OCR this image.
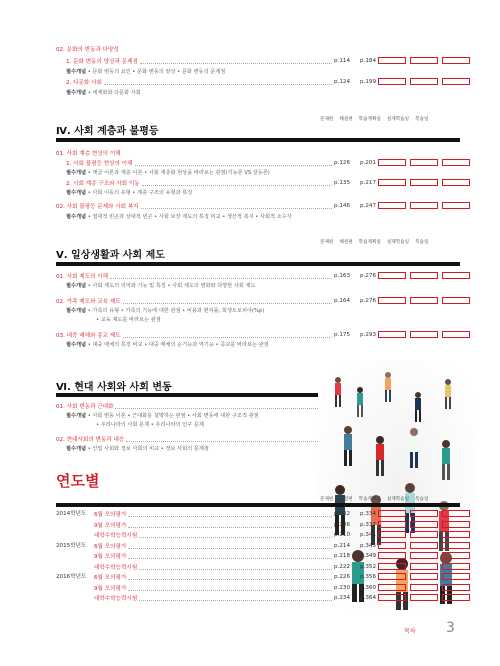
02. 문화의 변동과 다양성
1. 문화 변동의 양상과 문제점	p.114	p.184
필수개념 • 문화 변동의 요인 • 문화 변동의 양상 • 문화 변동의 문제점
2. 다문화 사회	p.124	p.199
필수개념 • 세계화와 다문화 사회
문제편 해설편 학습계획일 실제학습일 복습일
Ⅳ. 사회 계층과 불평등
01. 사회 계층 현상의 이해
1. 사회 불평등 현상의 이해	p.126	p.201
필수개념 • 계급 이론과 계층 이론 • 사회 계층화 현상을 바라보는 관점(기능론 VS 갈등론)
2. 사회 계층 구조와 사회 이동	p.135	p.217
필수개념 • 사회 이동의 유형 • 계층 구조의 유형과 특징
02. 사회 불평등 문제와 사회 복지	p.146	p.247
필수개념 • 절대적 빈곤과 상대적 빈곤 • 사회 보장 제도의 특징 비교 • 생산적 복지 • 사회적 소수자
문제편 해설편 학습계획일 실제학습일 복습일
Ⅴ. 일상생활과 사회 제도
01. 사회 제도의 이해	p.163	p.276
필수개념 • 사회 제도의 의미와 기능 및 특징 • 사회 제도의 변화와 다양한 사회 제도
02. 가족 제도와 교육 제도	p.164	p.276
필수개념 • 가족의 유형 • 가족의 기능에 대한 관점 • 비용과 편익률, 희생트로피아(%p)
• 교육 제도를 바라보는 관점
03. 대중 매체와 종교 제도	p.175	p.293
필수개념 • 대중 매체의 특징 비교 • 대중 매체의 순기능과 역기능 • 종교를 바라보는 관점
Ⅵ. 현대 사회와 사회 변동
01. 사회 변동과 근대화
필수개념 • 사회 변동 이론 • 근대화를 설명하는 관점 • 사회 변동에 대한 구조적 관점
• 우리나라의 사회 문제 • 우리나라의 인구 문제
02. 현대사회의 변동과 대응
필수개념 • 산업 사회와 정보 사회의 비교 • 정보 사회의 문제점
연도별
문제편 해설편 학습계획일 실제학습일 복습일
2014학년도 6월 모의평가	p.202	p.334
9월 모의평가	p.206	p.337
대학수학능력시험	p.210	p.341
2015학년도 6월 모의평가	p.214	p.345
9월 모의평가	p.218	p.349
대학수학능력시험	p.222	p.352
2016학년도 6월 모의평가	p.226	p.356
9월 모의평가	p.230	p.360
대학수학능력시험	p.234	p.364
목차 3
